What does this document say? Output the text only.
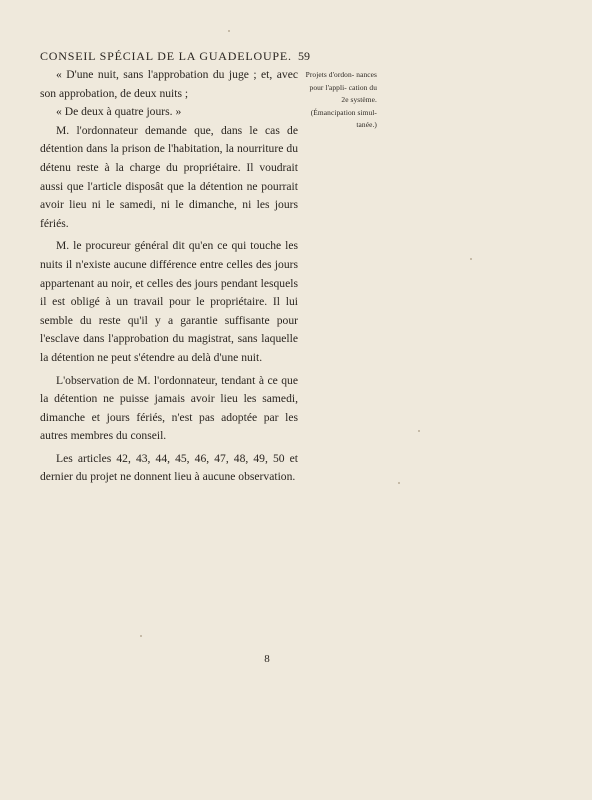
CONSEIL SPÉCIAL DE LA GUADELOUPE. 59

« D'une nuit, sans l'approbation du juge ; et, avec son approbation, de deux nuits ;

« De deux à quatre jours. »

M. l'ordonnateur demande que, dans le cas de détention dans la prison de l'habitation, la nourriture du détenu reste à la charge du propriétaire. Il voudrait aussi que l'article disposât que la détention ne pourrait avoir lieu ni le samedi, ni le dimanche, ni les jours fériés.

M. le procureur général dit qu'en ce qui touche les nuits il n'existe aucune différence entre celles des jours appartenant au noir, et celles des jours pendant lesquels il est obligé à un travail pour le propriétaire. Il lui semble du reste qu'il y a garantie suffisante pour l'esclave dans l'approbation du magistrat, sans laquelle la détention ne peut s'étendre au delà d'une nuit.

L'observation de M. l'ordonnateur, tendant à ce que la détention ne puisse jamais avoir lieu les samedi, dimanche et jours fériés, n'est pas adoptée par les autres membres du conseil.

Les articles 42, 43, 44, 45, 46, 47, 48, 49, 50 et dernier du projet ne donnent lieu à aucune observation.

Projets d'ordon- nances pour l'appli- cation du 2e système. (Émancipation simul- tanée.)
8
